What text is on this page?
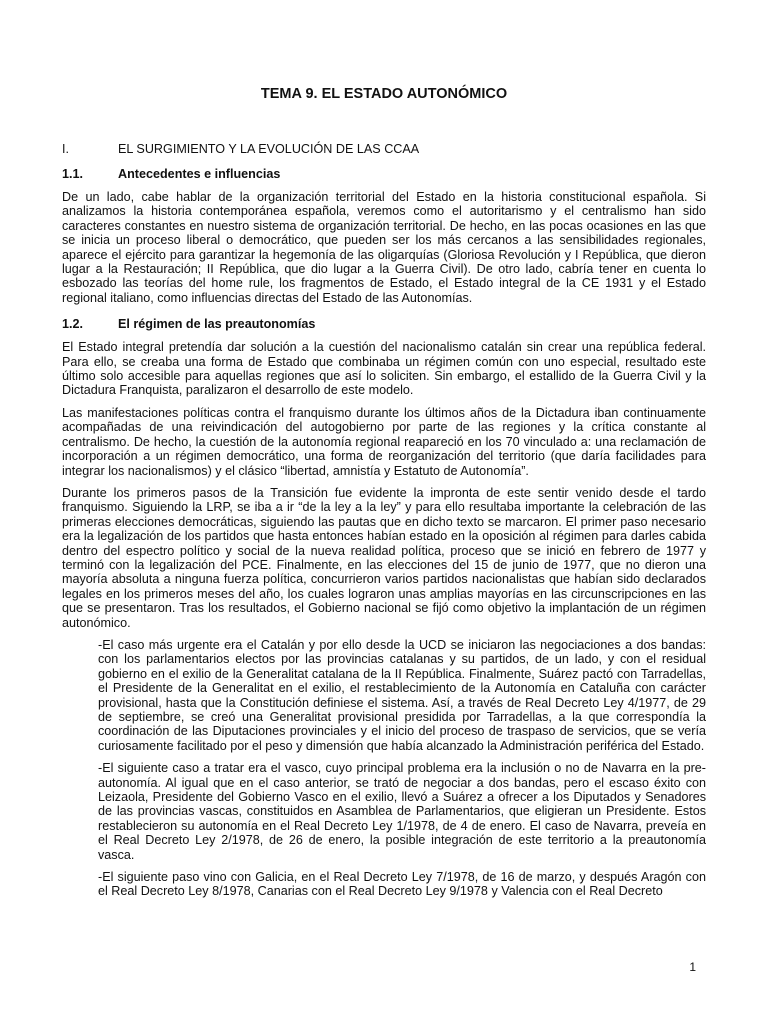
TEMA 9. EL ESTADO AUTONÓMICO
I.	EL SURGIMIENTO Y LA EVOLUCIÓN DE LAS CCAA
1.1.	Antecedentes e influencias

De un lado, cabe hablar de la organización territorial del Estado en la historia constitucional española. Si analizamos la historia contemporánea española, veremos como el autoritarismo y el centralismo han sido caracteres constantes en nuestro sistema de organización territorial. De hecho, en las pocas ocasiones en las que se inicia un proceso liberal o democrático, que pueden ser los más cercanos a las sensibilidades regionales, aparece el ejército para garantizar la hegemonía de las oligarquías (Gloriosa Revolución y I República, que dieron lugar a la Restauración; II República, que dio lugar a la Guerra Civil). De otro lado, cabría tener en cuenta lo esbozado las teorías del home rule, los fragmentos de Estado, el Estado integral de la CE 1931 y el Estado regional italiano, como influencias directas del Estado de las Autonomías.

1.2.	El régimen de las preautonomías

El Estado integral pretendía dar solución a la cuestión del nacionalismo catalán sin crear una república federal. Para ello, se creaba una forma de Estado que combinaba un régimen común con uno especial, resultado este último solo accesible para aquellas regiones que así lo soliciten. Sin embargo, el estallido de la Guerra Civil y la Dictadura Franquista, paralizaron el desarrollo de este modelo.

Las manifestaciones políticas contra el franquismo durante los últimos años de la Dictadura iban continuamente acompañadas de una reivindicación del autogobierno por parte de las regiones y la crítica constante al centralismo. De hecho, la cuestión de la autonomía regional reapareció en los 70 vinculado a: una reclamación de incorporación a un régimen democrático, una forma de reorganización del territorio (que daría facilidades para integrar los nacionalismos) y el clásico “libertad, amnistía y Estatuto de Autonomía”.

Durante los primeros pasos de la Transición fue evidente la impronta de este sentir venido desde el tardo franquismo. Siguiendo la LRP, se iba a ir “de la ley a la ley” y para ello resultaba importante la celebración de las primeras elecciones democráticas, siguiendo las pautas que en dicho texto se marcaron. El primer paso necesario era la legalización de los partidos que hasta entonces habían estado en la oposición al régimen para darles cabida dentro del espectro político y social de la nueva realidad política, proceso que se inició en febrero de 1977 y terminó con la legalización del PCE. Finalmente, en las elecciones del 15 de junio de 1977, que no dieron una mayoría absoluta a ninguna fuerza política, concurrieron varios partidos nacionalistas que habían sido declarados legales en los primeros meses del año, los cuales lograron unas amplias mayorías en las circunscripciones en las que se presentaron. Tras los resultados, el Gobierno nacional se fijó como objetivo la implantación de un régimen autonómico.

-El caso más urgente era el Catalán y por ello desde la UCD se iniciaron las negociaciones a dos bandas: con los parlamentarios electos por las provincias catalanas y su partidos, de un lado, y con el residual gobierno en el exilio de la Generalitat catalana de la II República. Finalmente, Suárez pactó con Tarradellas, el Presidente de la Generalitat en el exilio, el restablecimiento de la Autonomía en Cataluña con carácter provisional, hasta que la Constitución definiese el sistema. Así, a través de Real Decreto Ley 4/1977, de 29 de septiembre, se creó una Generalitat provisional presidida por Tarradellas, a la que correspondía la coordinación de las Diputaciones provinciales y el inicio del proceso de traspaso de servicios, que se vería curiosamente facilitado por el peso y dimensión que había alcanzado la Administración periférica del Estado.

-El siguiente caso a tratar era el vasco, cuyo principal problema era la inclusión o no de Navarra en la pre-autonomía. Al igual que en el caso anterior, se trató de negociar a dos bandas, pero el escaso éxito con Leizaola, Presidente del Gobierno Vasco en el exilio, llevó a Suárez a ofrecer a los Diputados y Senadores de las provincias vascas, constituidos en Asamblea de Parlamentarios, que eligieran un Presidente. Estos restablecieron su autonomía en el Real Decreto Ley 1/1978, de 4 de enero. El caso de Navarra, preveía en el Real Decreto Ley 2/1978, de 26 de enero, la posible integración de este territorio a la preautonomía vasca.

-El siguiente paso vino con Galicia, en el Real Decreto Ley 7/1978, de 16 de marzo, y después Aragón con el Real Decreto Ley 8/1978, Canarias con el Real Decreto Ley 9/1978 y Valencia con el Real Decreto

1
